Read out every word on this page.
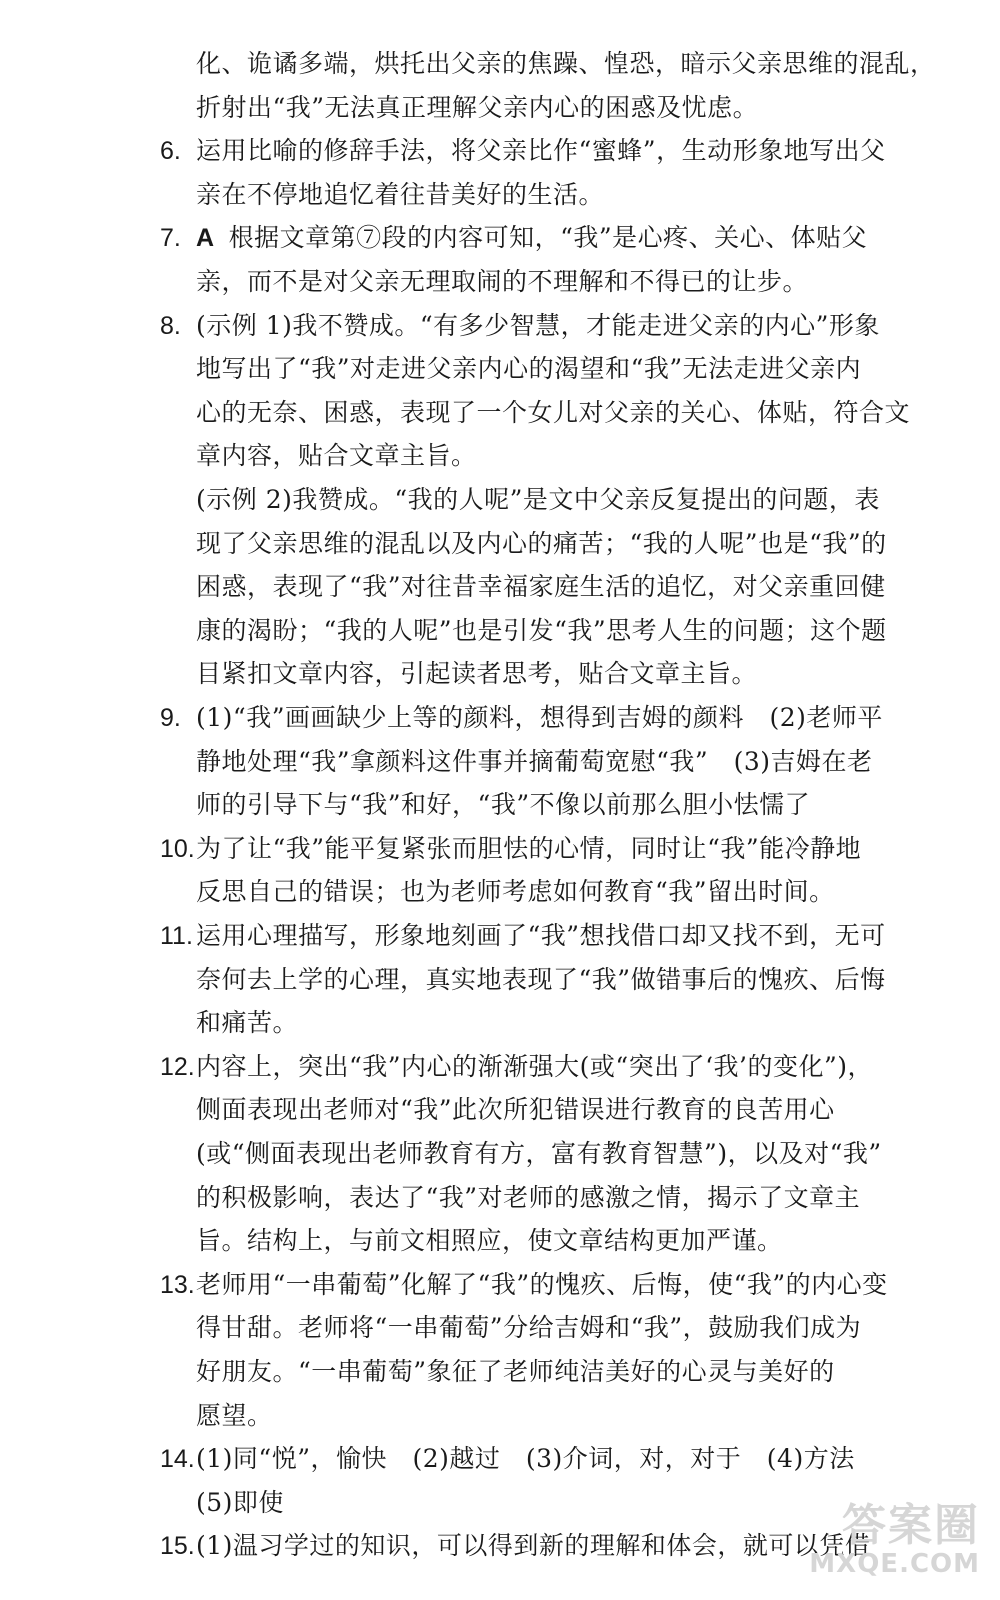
化、诡谲多端，烘托出父亲的焦躁、惶恐，暗示父亲思维的混乱，
折射出“我”无法真正理解父亲内心的困惑及忧虑。
6. 运用比喻的修辞手法，将父亲比作“蜜蜂”，生动形象地写出父
亲在不停地追忆着往昔美好的生活。
7. A 根据文章第⑦段的内容可知，“我”是心疼、关心、体贴父
亲，而不是对父亲无理取闹的不理解和不得已的让步。
8. (示例 1)我不赞成。“有多少智慧，才能走进父亲的内心”形象
地写出了“我”对走进父亲内心的渴望和“我”无法走进父亲内
心的无奈、困惑，表现了一个女儿对父亲的关心、体贴，符合文
章内容，贴合文章主旨。
(示例 2)我赞成。“我的人呢”是文中父亲反复提出的问题，表
现了父亲思维的混乱以及内心的痛苦；“我的人呢”也是“我”的
困惑，表现了“我”对往昔幸福家庭生活的追忆，对父亲重回健
康的渴盼；“我的人呢”也是引发“我”思考人生的问题；这个题
目紧扣文章内容，引起读者思考，贴合文章主旨。
9. (1)“我”画画缺少上等的颜料，想得到吉姆的颜料　(2)老师平
静地处理“我”拿颜料这件事并摘葡萄宽慰“我”　(3)吉姆在老
师的引导下与“我”和好，“我”不像以前那么胆小怯懦了
10. 为了让“我”能平复紧张而胆怯的心情，同时让“我”能冷静地
反思自己的错误；也为老师考虑如何教育“我”留出时间。
11. 运用心理描写，形象地刻画了“我”想找借口却又找不到，无可
奈何去上学的心理，真实地表现了“我”做错事后的愧疚、后悔
和痛苦。
12. 内容上，突出“我”内心的渐渐强大(或“突出了‘我’的变化”)，
侧面表现出老师对“我”此次所犯错误进行教育的良苦用心
(或“侧面表现出老师教育有方，富有教育智慧”)，以及对“我”
的积极影响，表达了“我”对老师的感激之情，揭示了文章主
旨。结构上，与前文相照应，使文章结构更加严谨。
13. 老师用“一串葡萄”化解了“我”的愧疚、后悔，使“我”的内心变
得甘甜。老师将“一串葡萄”分给吉姆和“我”，鼓励我们成为
好朋友。“一串葡萄”象征了老师纯洁美好的心灵与美好的
愿望。
14. (1)同“悦”，愉快　(2)越过　(3)介词，对，对于　(4)方法
(5)即使
15. (1)温习学过的知识，可以得到新的理解和体会，就可以凭借
答案圈
MXQE.COM
